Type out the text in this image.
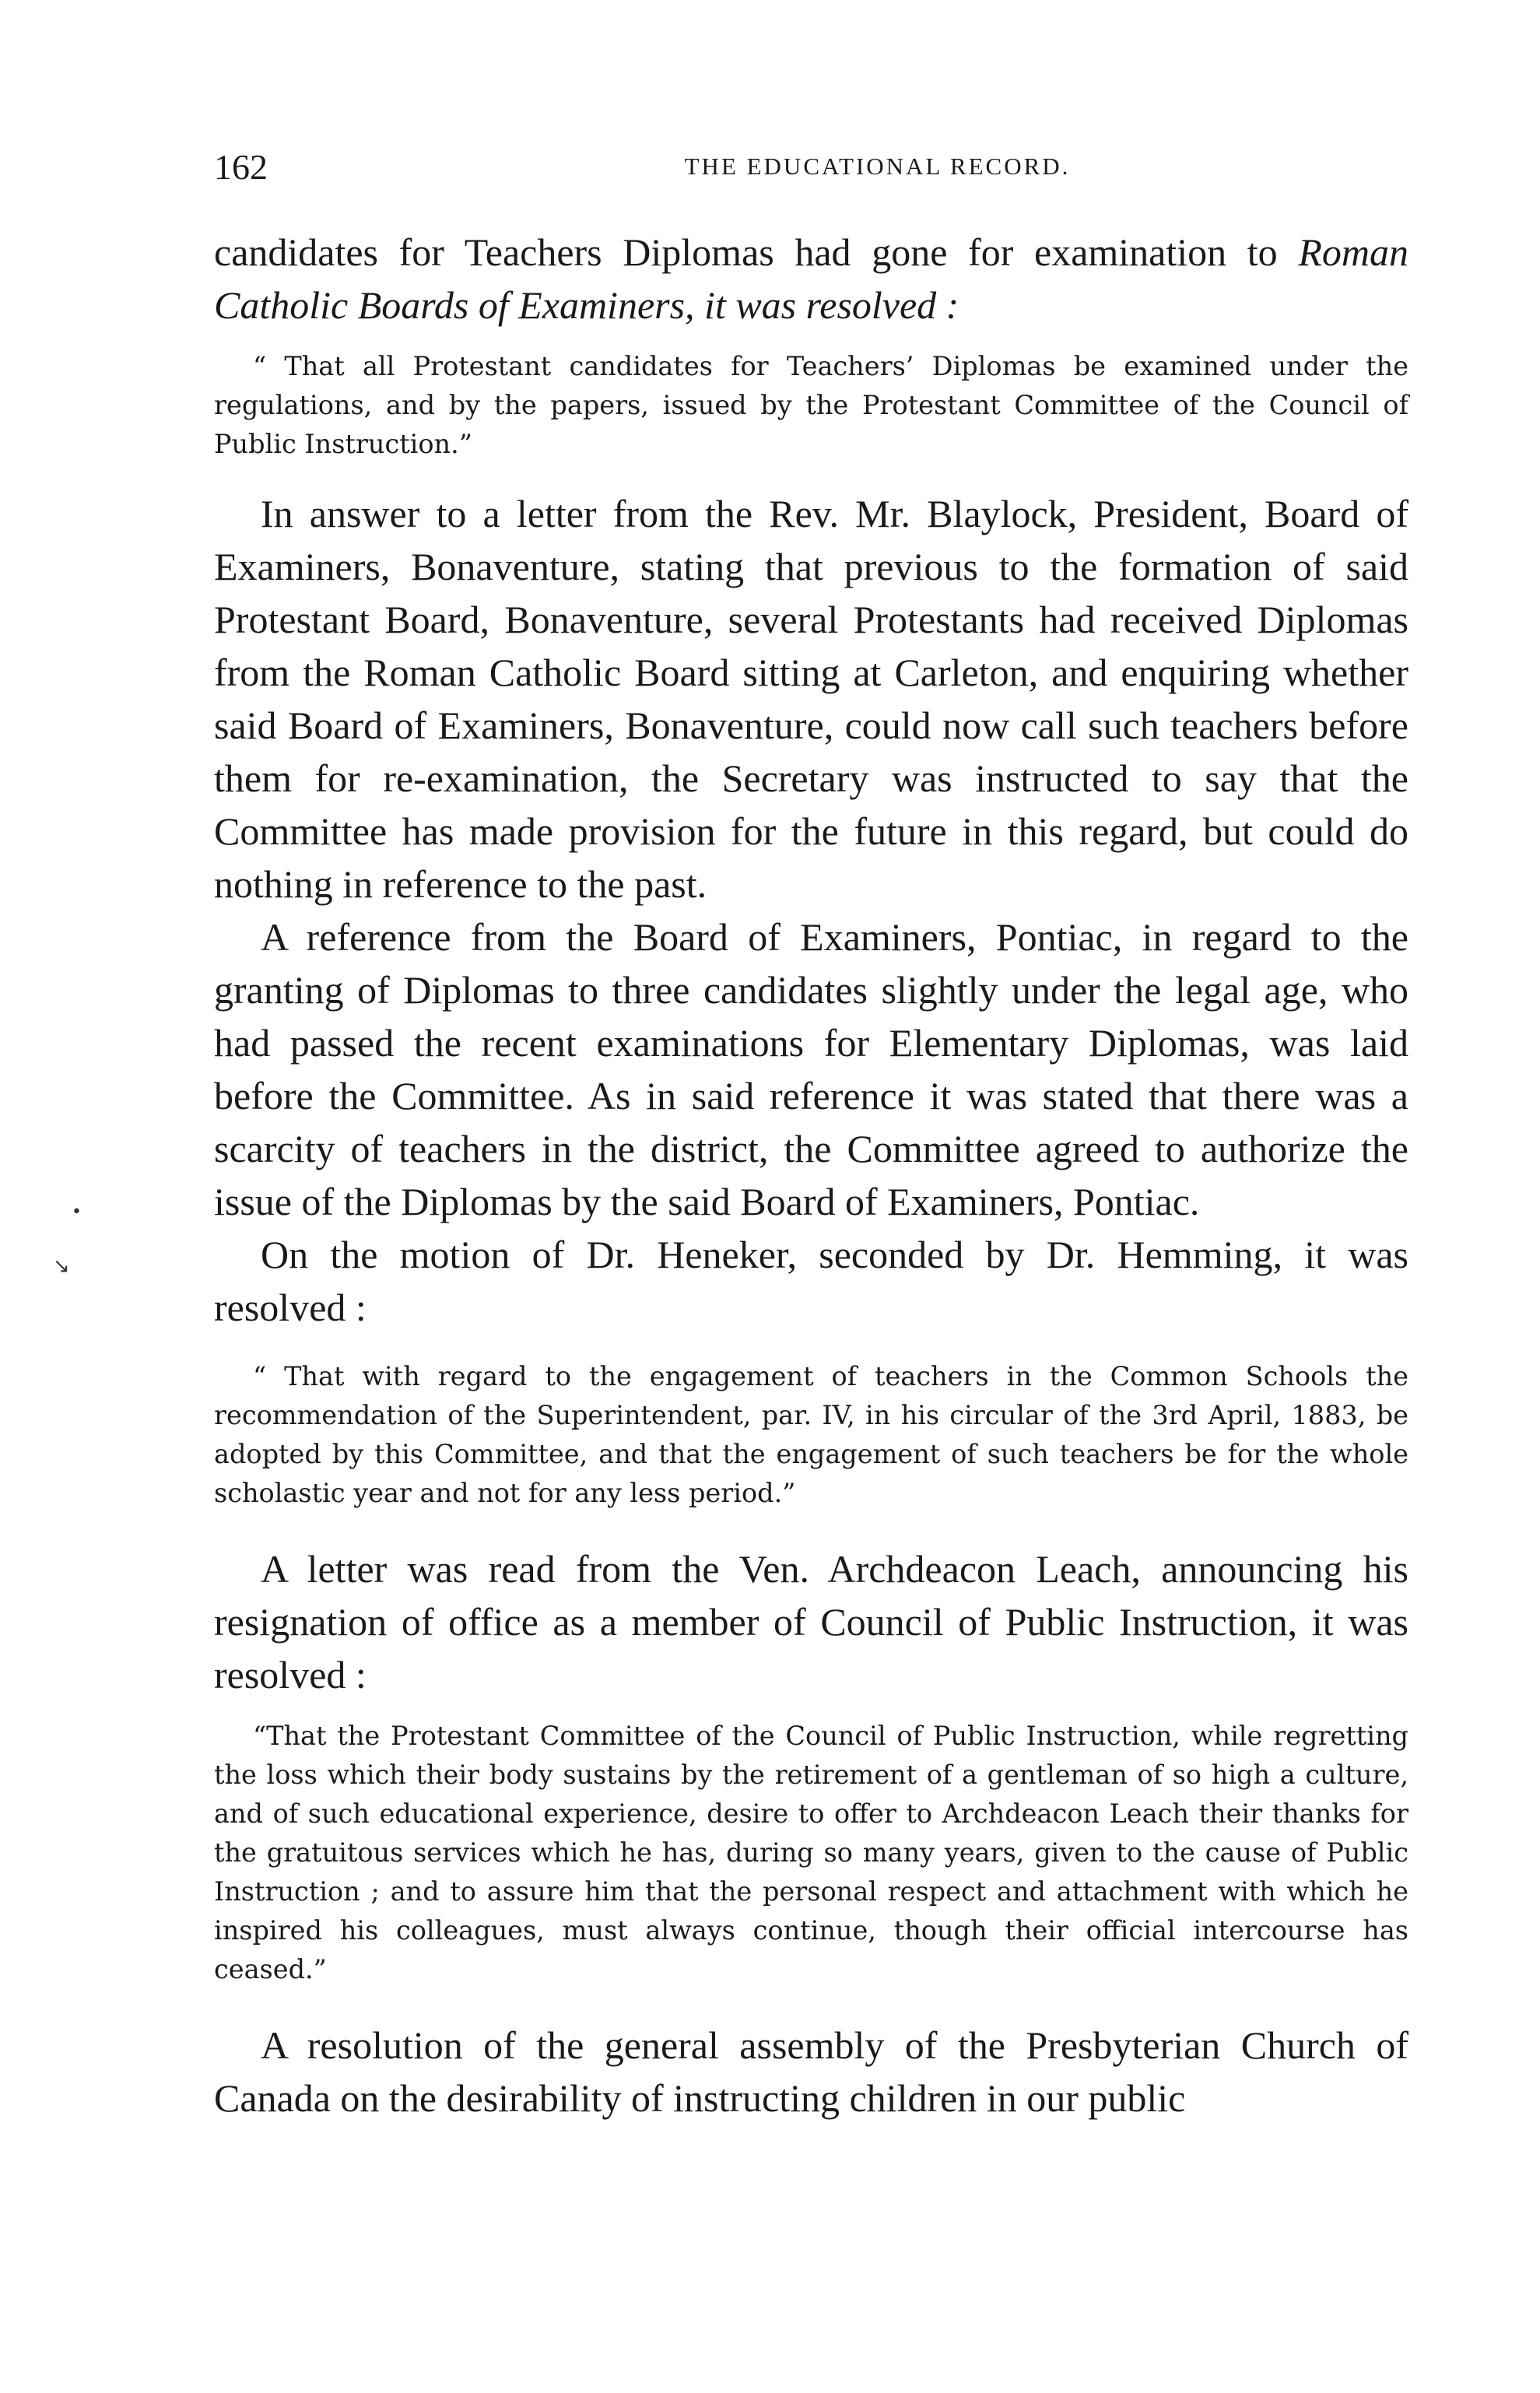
162	THE EDUCATIONAL RECORD.

candidates for Teachers Diplomas had gone for examination to Roman Catholic Boards of Examiners, it was resolved :

“ That all Protestant candidates for Teachers’ Diplomas be examined under the regulations, and by the papers, issued by the Protestant Committee of the Council of Public Instruction.”

In answer to a letter from the Rev. Mr. Blaylock, President, Board of Examiners, Bonaventure, stating that previous to the formation of said Protestant Board, Bonaventure, several Protestants had received Diplomas from the Roman Catholic Board sitting at Carleton, and enquiring whether said Board of Examiners, Bonaventure, could now call such teachers before them for re-examination, the Secretary was instructed to say that the Committee has made provision for the future in this regard, but could do nothing in reference to the past.

A reference from the Board of Examiners, Pontiac, in regard to the granting of Diplomas to three candidates slightly under the legal age, who had passed the recent examinations for Elementary Diplomas, was laid before the Committee. As in said reference it was stated that there was a scarcity of teachers in the district, the Committee agreed to authorize the issue of the Diplomas by the said Board of Examiners, Pontiac.

On the motion of Dr. Heneker, seconded by Dr. Hemming, it was resolved :

“ That with regard to the engagement of teachers in the Common Schools the recommendation of the Superintendent, par. IV, in his circular of the 3rd April, 1883, be adopted by this Committee, and that the engagement of such teachers be for the whole scholastic year and not for any less period.”

A letter was read from the Ven. Archdeacon Leach, announcing his resignation of office as a member of Council of Public Instruction, it was resolved :

“That the Protestant Committee of the Council of Public Instruction, while regretting the loss which their body sustains by the retirement of a gentleman of so high a culture, and of such educational experience, desire to offer to Archdeacon Leach their thanks for the gratuitous services which he has, during so many years, given to the cause of Public Instruction ; and to assure him that the personal respect and attachment with which he inspired his colleagues, must always continue, though their official intercourse has ceased.”

A resolution of the general assembly of the Presbyterian Church of Canada on the desirability of instructing children in our public

•
↘
